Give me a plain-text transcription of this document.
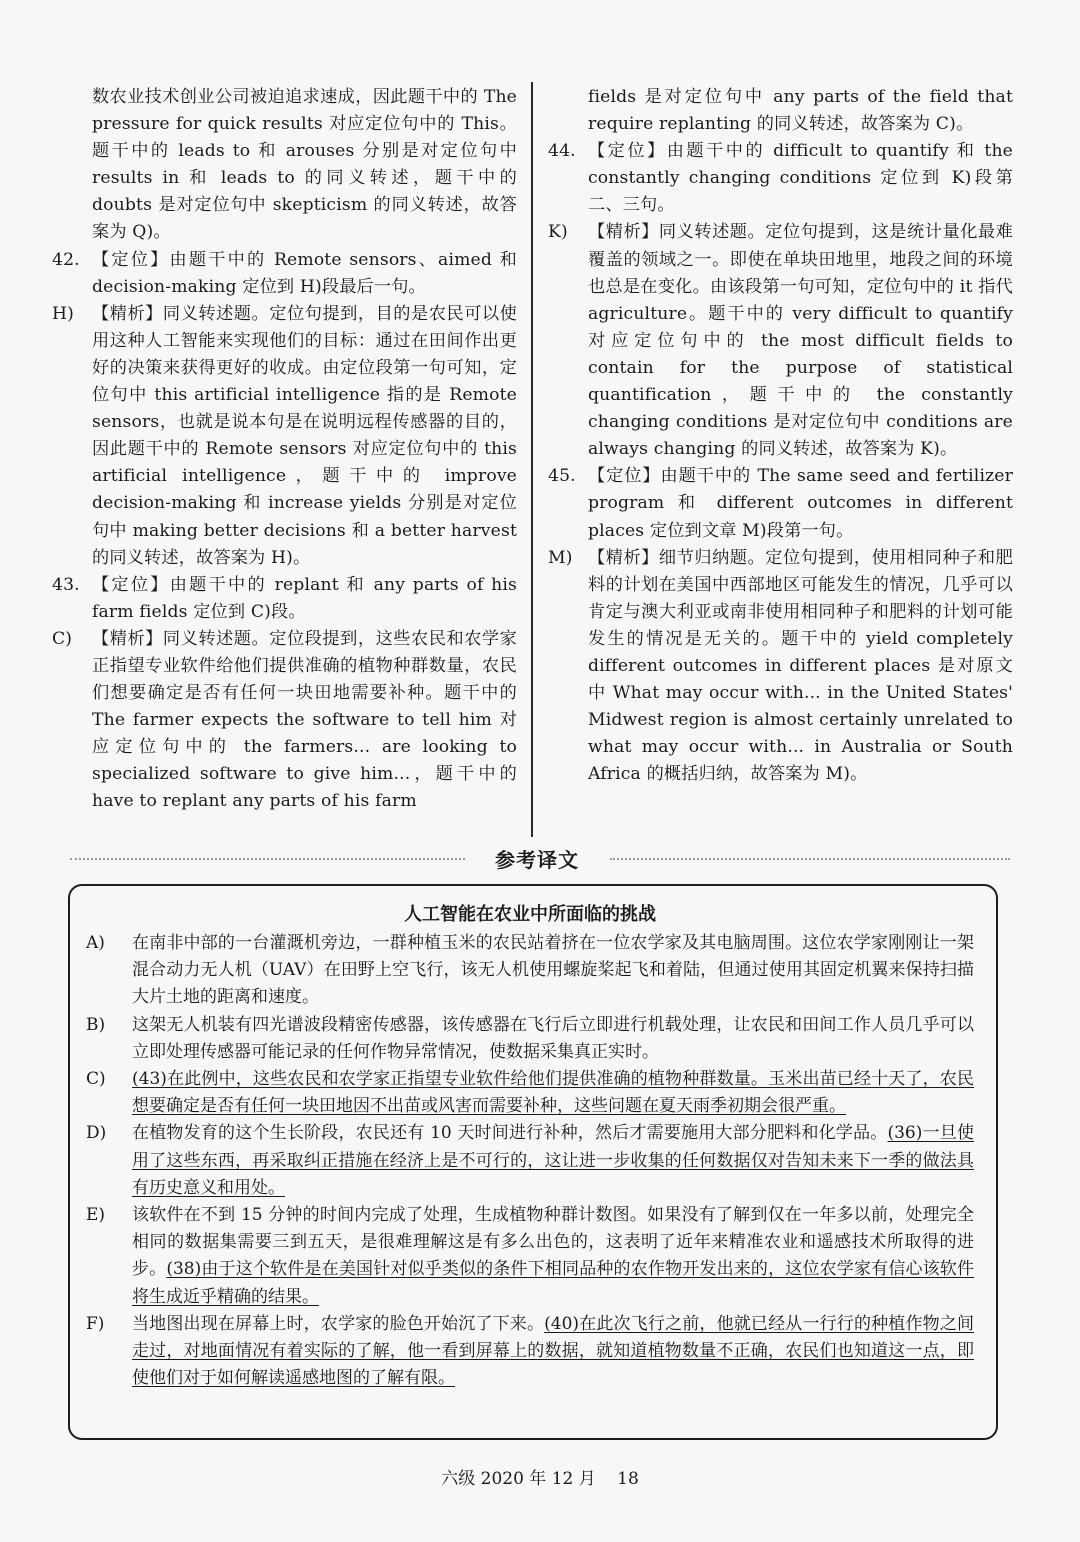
数农业技术创业公司被迫追求速成，因此题干中的 The pressure for quick results 对应定位句中的 This。题干中的 leads to 和 arouses 分别是对定位句中 results in 和 leads to 的同义转述，题干中的 doubts 是对定位句中 skepticism 的同义转述，故答案为 Q)。
42. 【定位】由题干中的 Remote sensors、aimed 和 decision-making 定位到 H)段最后一句。
H)	【精析】同义转述题。定位句提到，目的是农民可以使用这种人工智能来实现他们的目标：通过在田间作出更好的决策来获得更好的收成。由定位段第一句可知，定位句中 this artificial intelligence 指的是 Remote sensors，也就是说本句是在说明远程传感器的目的，因此题干中的 Remote sensors 对应定位句中的 this artificial intelligence，题干中的 improve decision-making 和 increase yields 分别是对定位句中 making better decisions 和 a better harvest 的同义转述，故答案为 H)。
43. 【定位】由题干中的 replant 和 any parts of his farm fields 定位到 C)段。
C)	【精析】同义转述题。定位段提到，这些农民和农学家正指望专业软件给他们提供准确的植物种群数量，农民们想要确定是否有任何一块田地需要补种。题干中的 The farmer expects the software to tell him 对应定位句中的 the farmers... are looking to specialized software to give him...，题干中的 have to replant any parts of his farm
fields 是对定位句中 any parts of the field that require replanting 的同义转述，故答案为 C)。
44. 【定位】由题干中的 difficult to quantify 和 the constantly changing conditions 定位到 K)段第二、三句。
K)	【精析】同义转述题。定位句提到，这是统计量化最难覆盖的领域之一。即使在单块田地里，地段之间的环境也总是在变化。由该段第一句可知，定位句中的 it 指代 agriculture。题干中的 very difficult to quantify 对应定位句中的 the most difficult fields to contain for the purpose of statistical quantification，题干中的 the constantly changing conditions 是对定位句中 conditions are always changing 的同义转述，故答案为 K)。
45. 【定位】由题干中的 The same seed and fertilizer program 和 different outcomes in different places 定位到文章 M)段第一句。
M) 【精析】细节归纳题。定位句提到，使用相同种子和肥料的计划在美国中西部地区可能发生的情况，几乎可以肯定与澳大利亚或南非使用相同种子和肥料的计划可能发生的情况是无关的。题干中的 yield completely different outcomes in different places 是对原文中 What may occur with... in the United States' Midwest region is almost certainly unrelated to what may occur with... in Australia or South Africa 的概括归纳，故答案为 M)。
参考译文
人工智能在农业中所面临的挑战
A)	在南非中部的一台灌溉机旁边，一群种植玉米的农民站着挤在一位农学家及其电脑周围。这位农学家刚刚让一架混合动力无人机（UAV）在田野上空飞行，该无人机使用螺旋桨起飞和着陆，但通过使用其固定机翼来保持扫描大片土地的距离和速度。
B)	这架无人机装有四光谱波段精密传感器，该传感器在飞行后立即进行机载处理，让农民和田间工作人员几乎可以立即处理传感器可能记录的任何作物异常情况，使数据采集真正实时。
C)	(43)在此例中，这些农民和农学家正指望专业软件给他们提供准确的植物种群数量。玉米出苗已经十天了，农民想要确定是否有任何一块田地因不出苗或风害而需要补种，这些问题在夏天雨季初期会很严重。
D)	在植物发育的这个生长阶段，农民还有 10 天时间进行补种，然后才需要施用大部分肥料和化学品。(36)一旦使用了这些东西，再采取纠正措施在经济上是不可行的，这让进一步收集的任何数据仅对告知未来下一季的做法具有历史意义和用处。
E)	该软件在不到 15 分钟的时间内完成了处理，生成植物种群计数图。如果没有了解到仅在一年多以前，处理完全相同的数据集需要三到五天，是很难理解这是有多么出色的，这表明了近年来精准农业和遥感技术所取得的进步。(38)由于这个软件是在美国针对似乎类似的条件下相同品种的农作物开发出来的，这位农学家有信心该软件将生成近乎精确的结果。
F)	当地图出现在屏幕上时，农学家的脸色开始沉了下来。(40)在此次飞行之前，他就已经从一行行的种植作物之间走过，对地面情况有着实际的了解，他一看到屏幕上的数据，就知道植物数量不正确，农民们也知道这一点，即使他们对于如何解读遥感地图的了解有限。
六级 2020 年 12 月 18
